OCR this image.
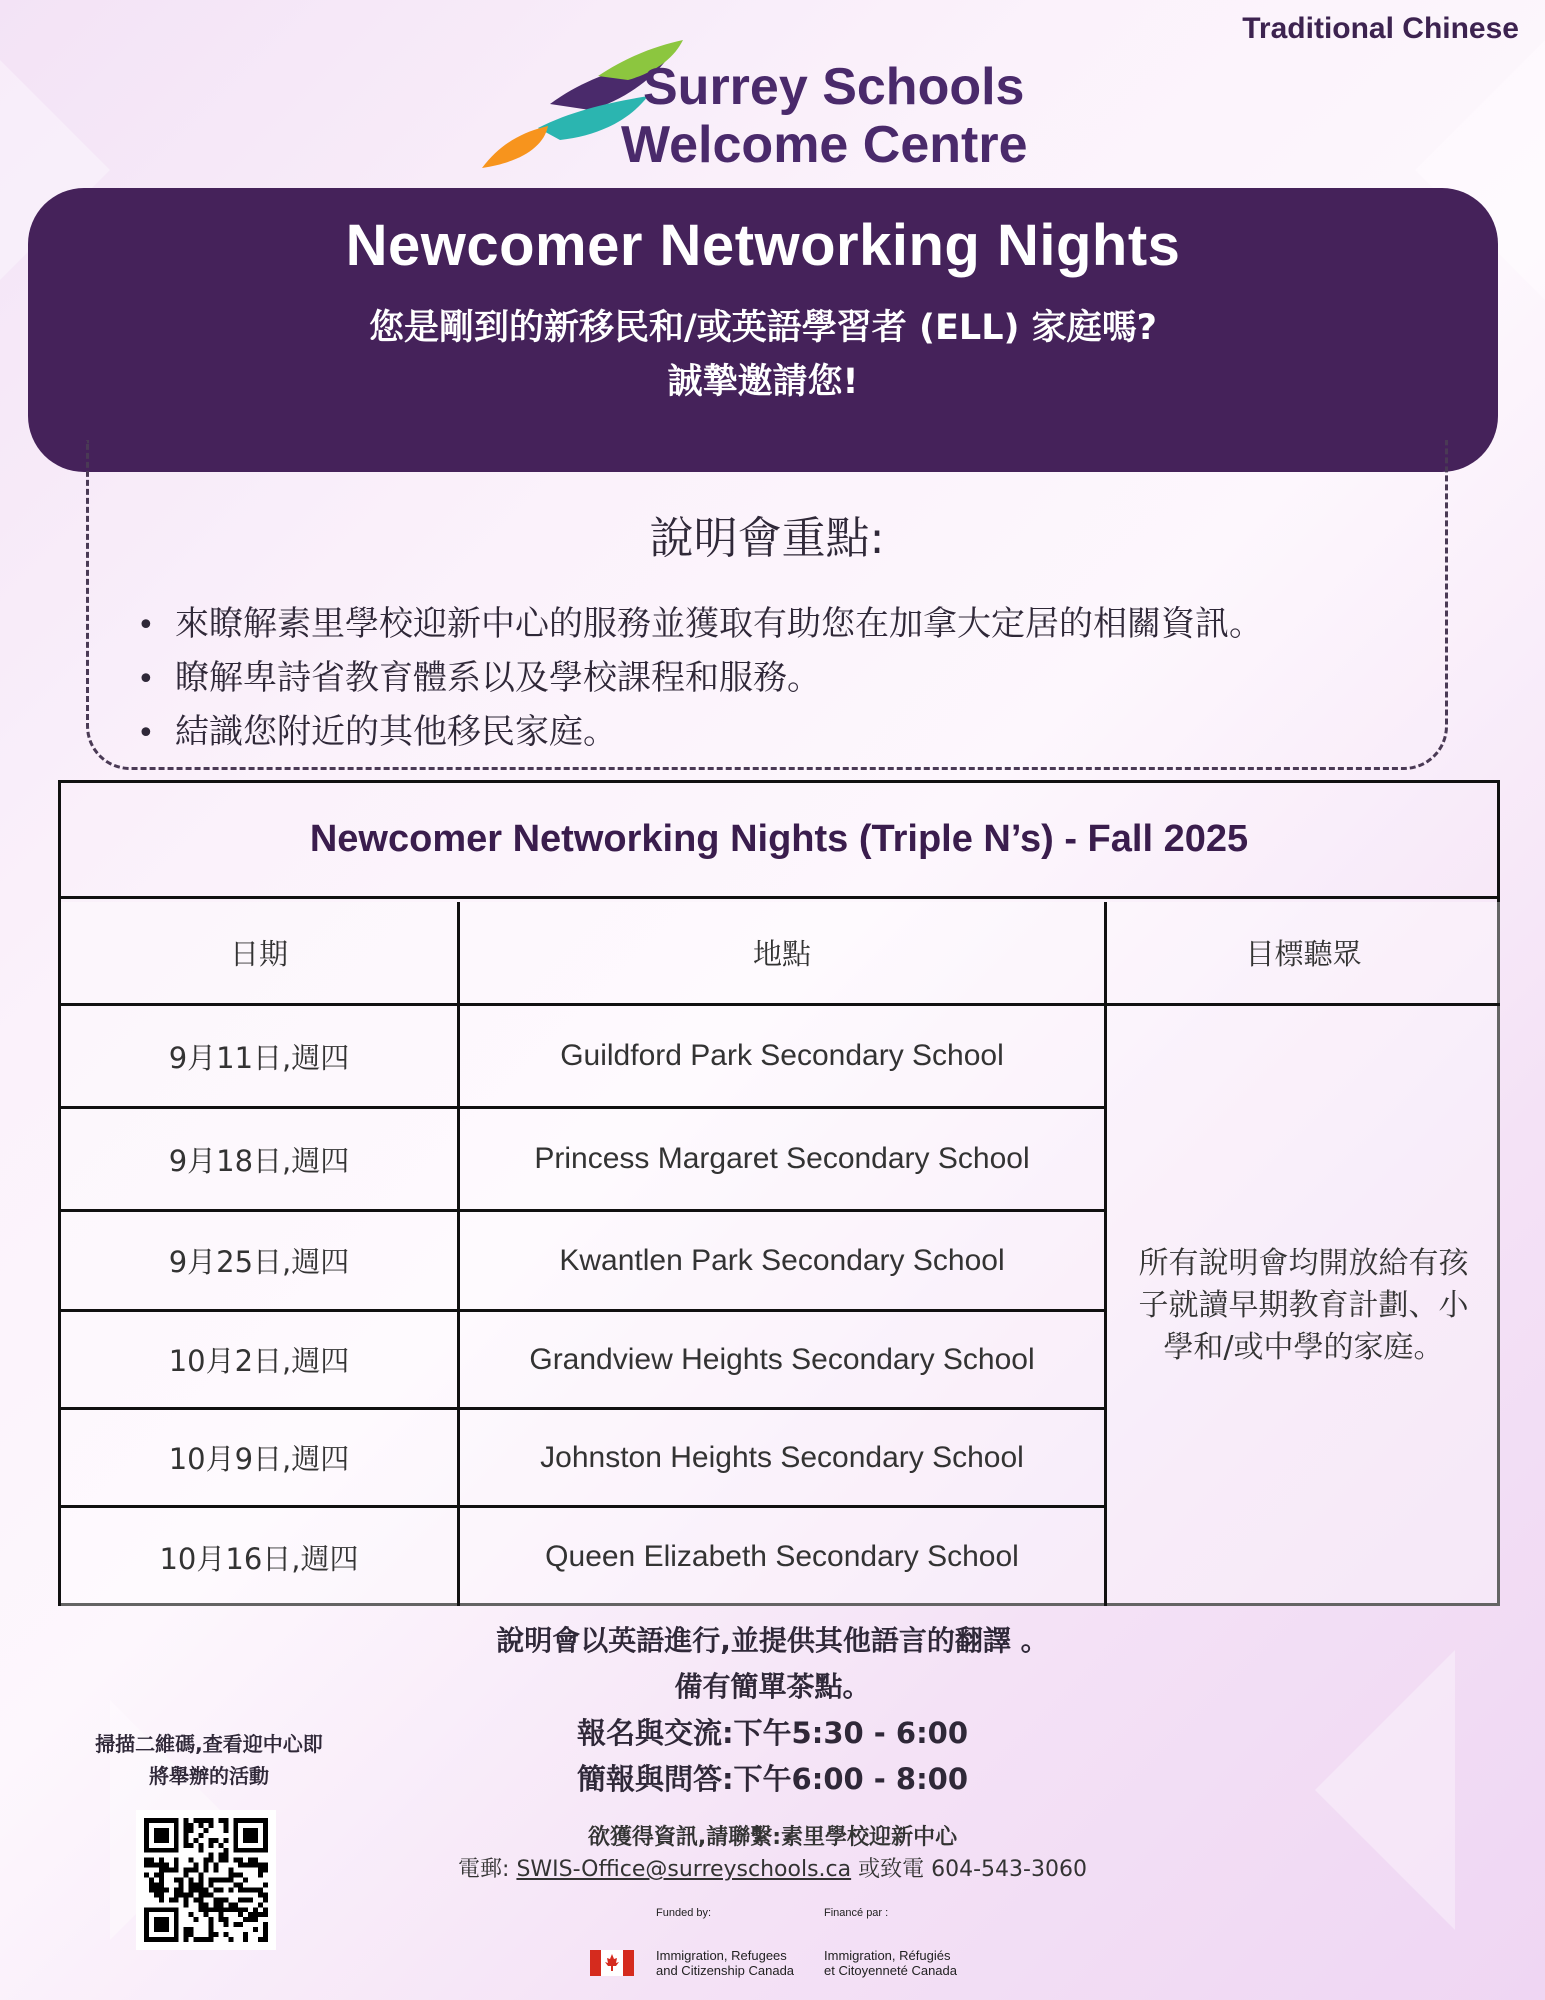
Traditional Chinese
Surrey Schools
Welcome Centre
Newcomer Networking Nights
您是剛到的新移民和/或英語學習者 (ELL) 家庭嗎?
誠摯邀請您!
說明會重點:
• 來瞭解素里學校迎新中心的服務並獲取有助您在加拿大定居的相關資訊。
• 瞭解卑詩省教育體系以及學校課程和服務。
• 結識您附近的其他移民家庭。
Newcomer Networking Nights (Triple N’s) - Fall 2025
日期	地點	目標聽眾
9月11日,週四	Guildford Park Secondary School
9月18日,週四	Princess Margaret Secondary School
9月25日,週四	Kwantlen Park Secondary School
10月2日,週四	Grandview Heights Secondary School
10月9日,週四	Johnston Heights Secondary School
10月16日,週四	Queen Elizabeth Secondary School
所有說明會均開放給有孩子就讀早期教育計劃、小學和/或中學的家庭。
說明會以英語進行,並提供其他語言的翻譯 。
備有簡單茶點。
報名與交流:下午5:30 - 6:00
簡報與問答:下午6:00 - 8:00
欲獲得資訊,請聯繫:素里學校迎新中心
電郵: SWIS-Office@surreyschools.ca 或致電 604-543-3060
掃描二維碼,查看迎中心即
將舉辦的活動
Funded by:	Financé par :
Immigration, Refugees
and Citizenship Canada
Immigration, Réfugiés
et Citoyenneté Canada
